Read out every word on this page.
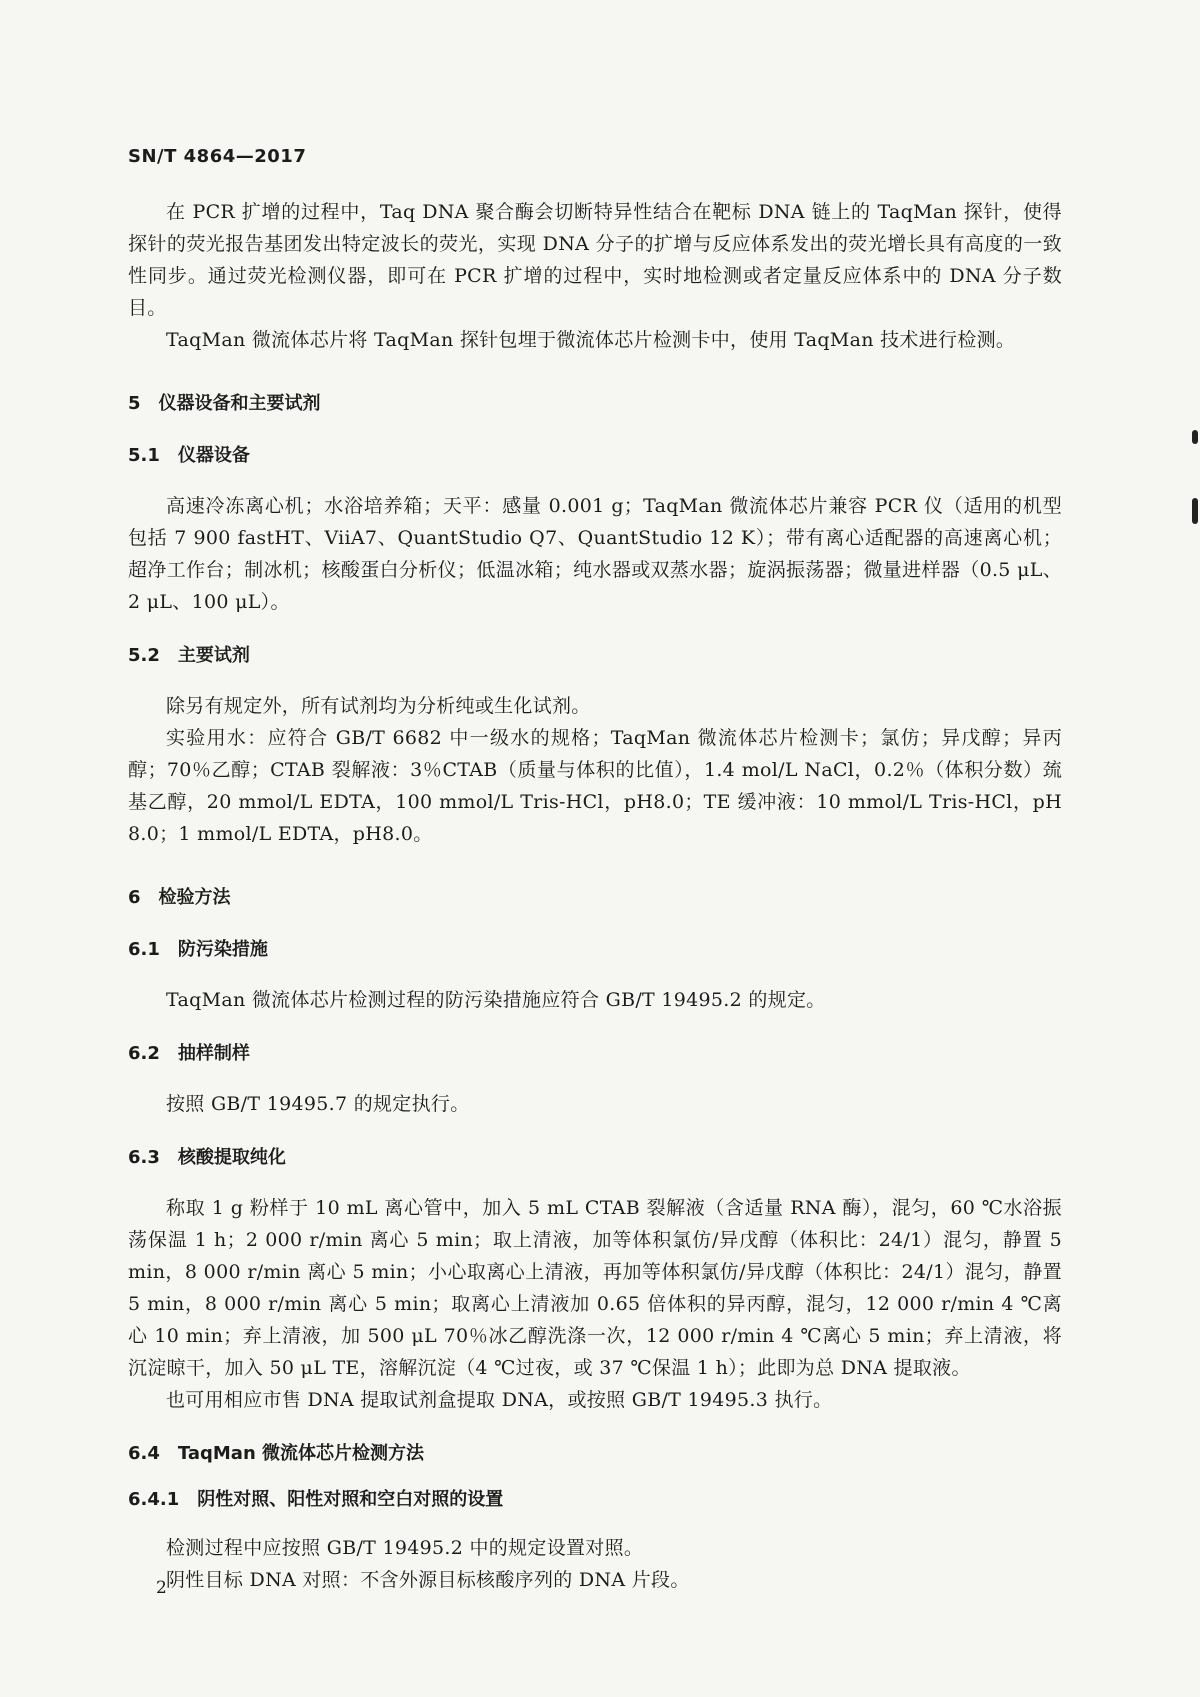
SN/T 4864—2017

在 PCR 扩增的过程中，Taq DNA 聚合酶会切断特异性结合在靶标 DNA 链上的 TaqMan 探针，使得探针的荧光报告基团发出特定波长的荧光，实现 DNA 分子的扩增与反应体系发出的荧光增长具有高度的一致性同步。通过荧光检测仪器，即可在 PCR 扩增的过程中，实时地检测或者定量反应体系中的 DNA 分子数目。

TaqMan 微流体芯片将 TaqMan 探针包埋于微流体芯片检测卡中，使用 TaqMan 技术进行检测。

5 仪器设备和主要试剂
5.1 仪器设备

高速冷冻离心机；水浴培养箱；天平：感量 0.001 g；TaqMan 微流体芯片兼容 PCR 仪（适用的机型包括 7 900 fastHT、ViiA7、QuantStudio Q7、QuantStudio 12 K）；带有离心适配器的高速离心机；超净工作台；制冰机；核酸蛋白分析仪；低温冰箱；纯水器或双蒸水器；旋涡振荡器；微量进样器（0.5 μL、2 μL、100 μL）。

5.2 主要试剂

除另有规定外，所有试剂均为分析纯或生化试剂。

实验用水：应符合 GB/T 6682 中一级水的规格；TaqMan 微流体芯片检测卡；氯仿；异戊醇；异丙醇；70％乙醇；CTAB 裂解液：3％CTAB（质量与体积的比值），1.4 mol/L NaCl，0.2％（体积分数）巯基乙醇，20 mmol/L EDTA，100 mmol/L Tris-HCl，pH8.0；TE 缓冲液：10 mmol/L Tris-HCl，pH 8.0；1 mmol/L EDTA，pH8.0。

6 检验方法
6.1 防污染措施

TaqMan 微流体芯片检测过程的防污染措施应符合 GB/T 19495.2 的规定。

6.2 抽样制样

按照 GB/T 19495.7 的规定执行。

6.3 核酸提取纯化

称取 1 g 粉样于 10 mL 离心管中，加入 5 mL CTAB 裂解液（含适量 RNA 酶），混匀，60 ℃水浴振荡保温 1 h；2 000 r/min 离心 5 min；取上清液，加等体积氯仿/异戊醇（体积比：24/1）混匀，静置 5 min，8 000 r/min 离心 5 min；小心取离心上清液，再加等体积氯仿/异戊醇（体积比：24/1）混匀，静置 5 min，8 000 r/min 离心 5 min；取离心上清液加 0.65 倍体积的异丙醇，混匀，12 000 r/min 4 ℃离心 10 min；弃上清液，加 500 μL 70％冰乙醇洗涤一次，12 000 r/min 4 ℃离心 5 min；弃上清液，将沉淀晾干，加入 50 μL TE，溶解沉淀（4 ℃过夜，或 37 ℃保温 1 h）；此即为总 DNA 提取液。

也可用相应市售 DNA 提取试剂盒提取 DNA，或按照 GB/T 19495.3 执行。

6.4 TaqMan 微流体芯片检测方法
6.4.1 阴性对照、阳性对照和空白对照的设置

检测过程中应按照 GB/T 19495.2 中的规定设置对照。

阴性目标 DNA 对照：不含外源目标核酸序列的 DNA 片段。

2
